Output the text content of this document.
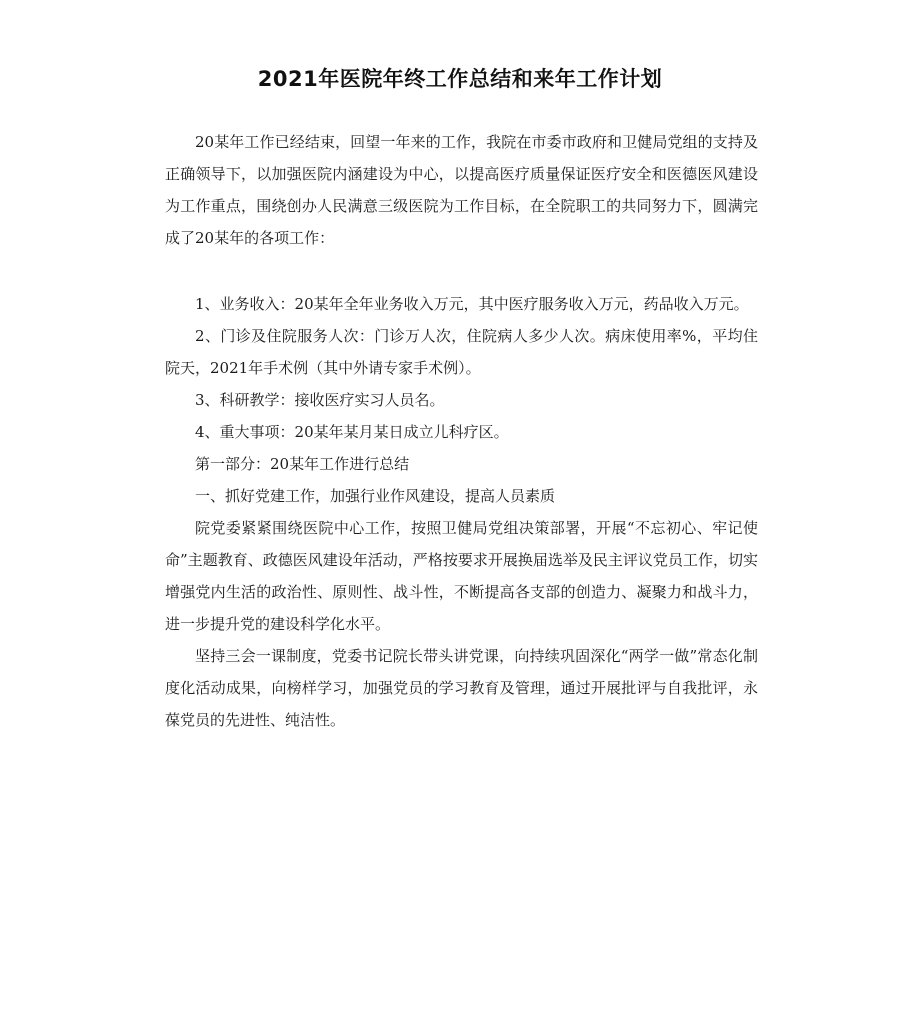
2021年医院年终工作总结和来年工作计划

20某年工作已经结束，回望一年来的工作，我院在市委市政府和卫健局党组的支持及正确领导下，以加强医院内涵建设为中心，以提高医疗质量保证医疗安全和医德医风建设为工作重点，围绕创办人民满意三级医院为工作目标，在全院职工的共同努力下，圆满完成了20某年的各项工作：

1、业务收入：20某年全年业务收入万元，其中医疗服务收入万元，药品收入万元。

2、门诊及住院服务人次：门诊万人次，住院病人多少人次。病床使用率%，平均住院天，2021年手术例（其中外请专家手术例）。

3、科研教学：接收医疗实习人员名。

4、重大事项：20某年某月某日成立儿科疗区。

第一部分：20某年工作进行总结

一、抓好党建工作，加强行业作风建设，提高人员素质

院党委紧紧围绕医院中心工作，按照卫健局党组决策部署，开展“不忘初心、牢记使命”主题教育、政德医风建设年活动，严格按要求开展换届选举及民主评议党员工作，切实增强党内生活的政治性、原则性、战斗性，不断提高各支部的创造力、凝聚力和战斗力，进一步提升党的建设科学化水平。

坚持三会一课制度，党委书记院长带头讲党课，向持续巩固深化“两学一做”常态化制度化活动成果，向榜样学习，加强党员的学习教育及管理，通过开展批评与自我批评，永葆党员的先进性、纯洁性。
